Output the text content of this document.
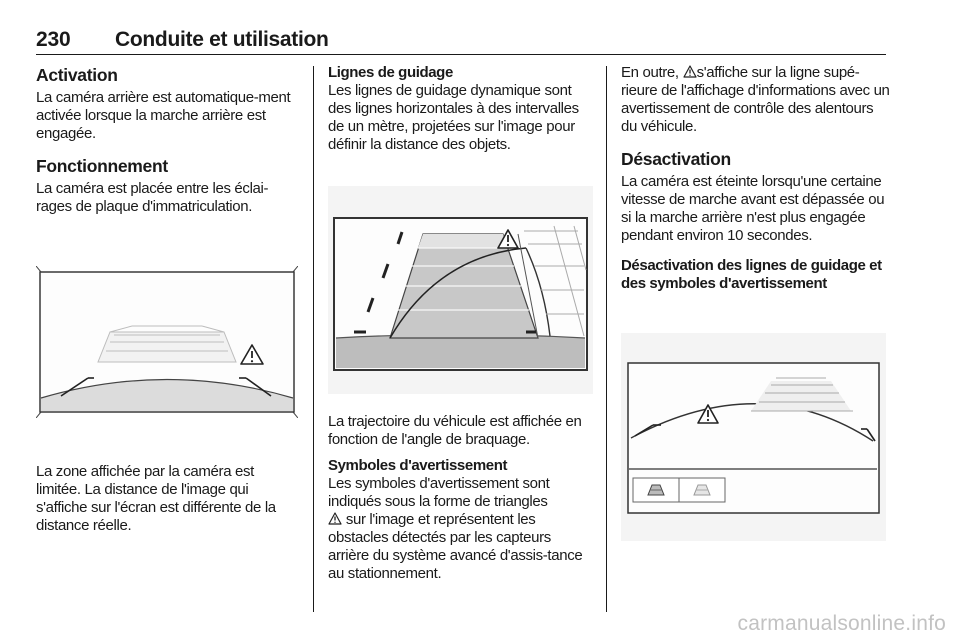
230 Conduite et utilisation
Activation

La caméra arrière est automatique-ment activée lorsque la marche arrière est engagée.

Fonctionnement

La caméra est placée entre les éclai-rages de plaque d'immatriculation.

La zone affichée par la caméra est limitée. La distance de l'image qui s'affiche sur l'écran est différente de la distance réelle.

Lignes de guidage

Les lignes de guidage dynamique sont des lignes horizontales à des intervalles de un mètre, projetées sur l'image pour définir la distance des objets.

La trajectoire du véhicule est affichée en fonction de l'angle de braquage.

Symboles d'avertissement

Les symboles d'avertissement sont indiqués sous la forme de triangles
sur l'image et représentent les obstacles détectés par les capteurs arrière du système avancé d'assis-tance au stationnement.

En outre, s'affiche sur la ligne supé-rieure de l'affichage d'informations avec un avertissement de contrôle des alentours du véhicule.

Désactivation

La caméra est éteinte lorsqu'une certaine vitesse de marche avant est dépassée ou si la marche arrière n'est plus engagée pendant environ 10 secondes.

Désactivation des lignes de guidage et des symboles d'avertissement
carmanualsonline.info
